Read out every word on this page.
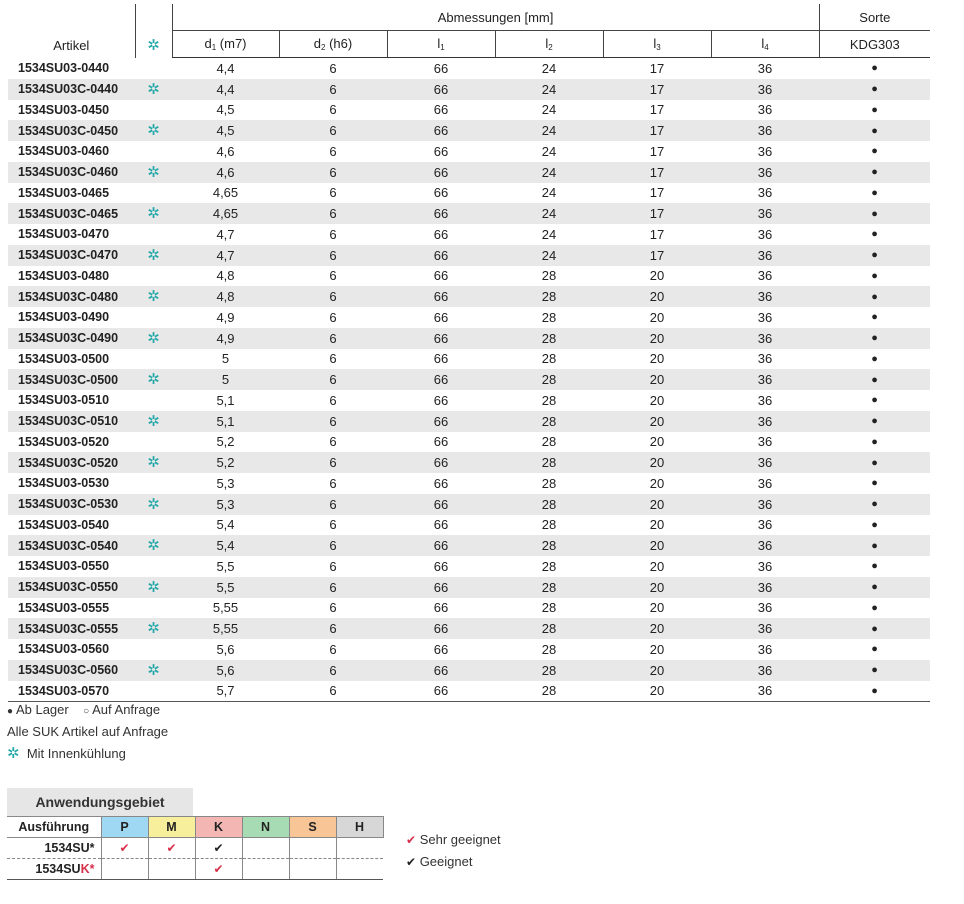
Artikel	✲	Abmessungen [mm]						Sorte
		$d_1$ (m7)	$d_2$ (h6)	$l_1$	$l_2$	$l_3$	$l_4$	KDG303
1534SU03-0440		4,4	6	66	24	17	36	●
1534SU03C-0440	✲	4,4	6	66	24	17	36	●
1534SU03-0450		4,5	6	66	24	17	36	●
1534SU03C-0450	✲	4,5	6	66	24	17	36	●
1534SU03-0460		4,6	6	66	24	17	36	●
1534SU03C-0460	✲	4,6	6	66	24	17	36	●
1534SU03-0465		4,65	6	66	24	17	36	●
1534SU03C-0465	✲	4,65	6	66	24	17	36	●
1534SU03-0470		4,7	6	66	24	17	36	●
1534SU03C-0470	✲	4,7	6	66	24	17	36	●
1534SU03-0480		4,8	6	66	28	20	36	●
1534SU03C-0480	✲	4,8	6	66	28	20	36	●
1534SU03-0490		4,9	6	66	28	20	36	●
1534SU03C-0490	✲	4,9	6	66	28	20	36	●
1534SU03-0500		5	6	66	28	20	36	●
1534SU03C-0500	✲	5	6	66	28	20	36	●
1534SU03-0510		5,1	6	66	28	20	36	●
1534SU03C-0510	✲	5,1	6	66	28	20	36	●
1534SU03-0520		5,2	6	66	28	20	36	●
1534SU03C-0520	✲	5,2	6	66	28	20	36	●
1534SU03-0530		5,3	6	66	28	20	36	●
1534SU03C-0530	✲	5,3	6	66	28	20	36	●
1534SU03-0540		5,4	6	66	28	20	36	●
1534SU03C-0540	✲	5,4	6	66	28	20	36	●
1534SU03-0550		5,5	6	66	28	20	36	●
1534SU03C-0550	✲	5,5	6	66	28	20	36	●
1534SU03-0555		5,55	6	66	28	20	36	●
1534SU03C-0555	✲	5,55	6	66	28	20	36	●
1534SU03-0560		5,6	6	66	28	20	36	●
1534SU03C-0560	✲	5,6	6	66	28	20	36	●
1534SU03-0570		5,7	6	66	28	20	36	●
● Ab Lager ○ Auf Anfrage
Alle SUK Artikel auf Anfrage
✲ Mit Innenkühlung
Anwendungsgebiet
Ausführung	P	M	K	N	S	H
1534SU*	✔	✔	✔			
1534SUK*			✔			
✔ Sehr geeignet
✔ Geeignet
